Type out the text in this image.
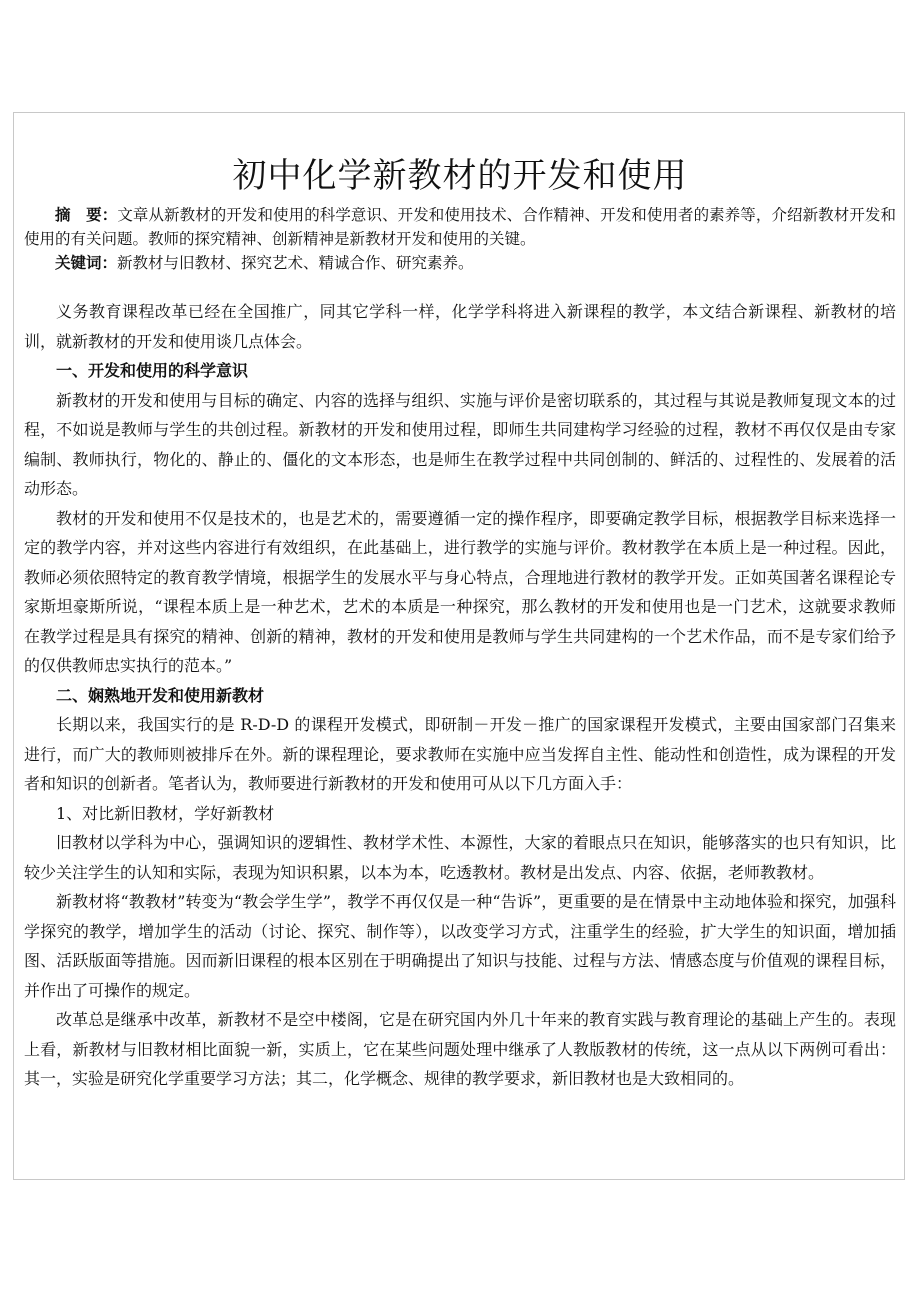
初中化学新教材的开发和使用

摘　要：文章从新教材的开发和使用的科学意识、开发和使用技术、合作精神、开发和使用者的素养等，介绍新教材开发和使用的有关问题。教师的探究精神、创新精神是新教材开发和使用的关键。

关键词：新教材与旧教材、探究艺术、精诚合作、研究素养。

义务教育课程改革已经在全国推广，同其它学科一样，化学学科将进入新课程的教学，本文结合新课程、新教材的培训，就新教材的开发和使用谈几点体会。

一、开发和使用的科学意识

新教材的开发和使用与目标的确定、内容的选择与组织、实施与评价是密切联系的，其过程与其说是教师复现文本的过程，不如说是教师与学生的共创过程。新教材的开发和使用过程，即师生共同建构学习经验的过程，教材不再仅仅是由专家编制、教师执行，物化的、静止的、僵化的文本形态，也是师生在教学过程中共同创制的、鲜活的、过程性的、发展着的活动形态。

教材的开发和使用不仅是技术的，也是艺术的，需要遵循一定的操作程序，即要确定教学目标，根据教学目标来选择一定的教学内容，并对这些内容进行有效组织，在此基础上，进行教学的实施与评价。教材教学在本质上是一种过程。因此，教师必须依照特定的教育教学情境，根据学生的发展水平与身心特点，合理地进行教材的教学开发。正如英国著名课程论专家斯坦豪斯所说，“课程本质上是一种艺术，艺术的本质是一种探究，那么教材的开发和使用也是一门艺术，这就要求教师在教学过程是具有探究的精神、创新的精神，教材的开发和使用是教师与学生共同建构的一个艺术作品，而不是专家们给予的仅供教师忠实执行的范本。”

二、娴熟地开发和使用新教材

长期以来，我国实行的是 R-D-D 的课程开发模式，即研制－开发－推广的国家课程开发模式，主要由国家部门召集来进行，而广大的教师则被排斥在外。新的课程理论，要求教师在实施中应当发挥自主性、能动性和创造性，成为课程的开发者和知识的创新者。笔者认为，教师要进行新教材的开发和使用可从以下几方面入手：

1、对比新旧教材，学好新教材

旧教材以学科为中心，强调知识的逻辑性、教材学术性、本源性，大家的着眼点只在知识，能够落实的也只有知识，比较少关注学生的认知和实际，表现为知识积累，以本为本，吃透教材。教材是出发点、内容、依据，老师教教材。

新教材将“教教材”转变为“教会学生学”，教学不再仅仅是一种“告诉”，更重要的是在情景中主动地体验和探究，加强科学探究的教学，增加学生的活动（讨论、探究、制作等），以改变学习方式，注重学生的经验，扩大学生的知识面，增加插图、活跃版面等措施。因而新旧课程的根本区别在于明确提出了知识与技能、过程与方法、情感态度与价值观的课程目标，并作出了可操作的规定。

改革总是继承中改革，新教材不是空中楼阁，它是在研究国内外几十年来的教育实践与教育理论的基础上产生的。表现上看，新教材与旧教材相比面貌一新，实质上，它在某些问题处理中继承了人教版教材的传统，这一点从以下两例可看出：其一，实验是研究化学重要学习方法；其二，化学概念、规律的教学要求，新旧教材也是大致相同的。
